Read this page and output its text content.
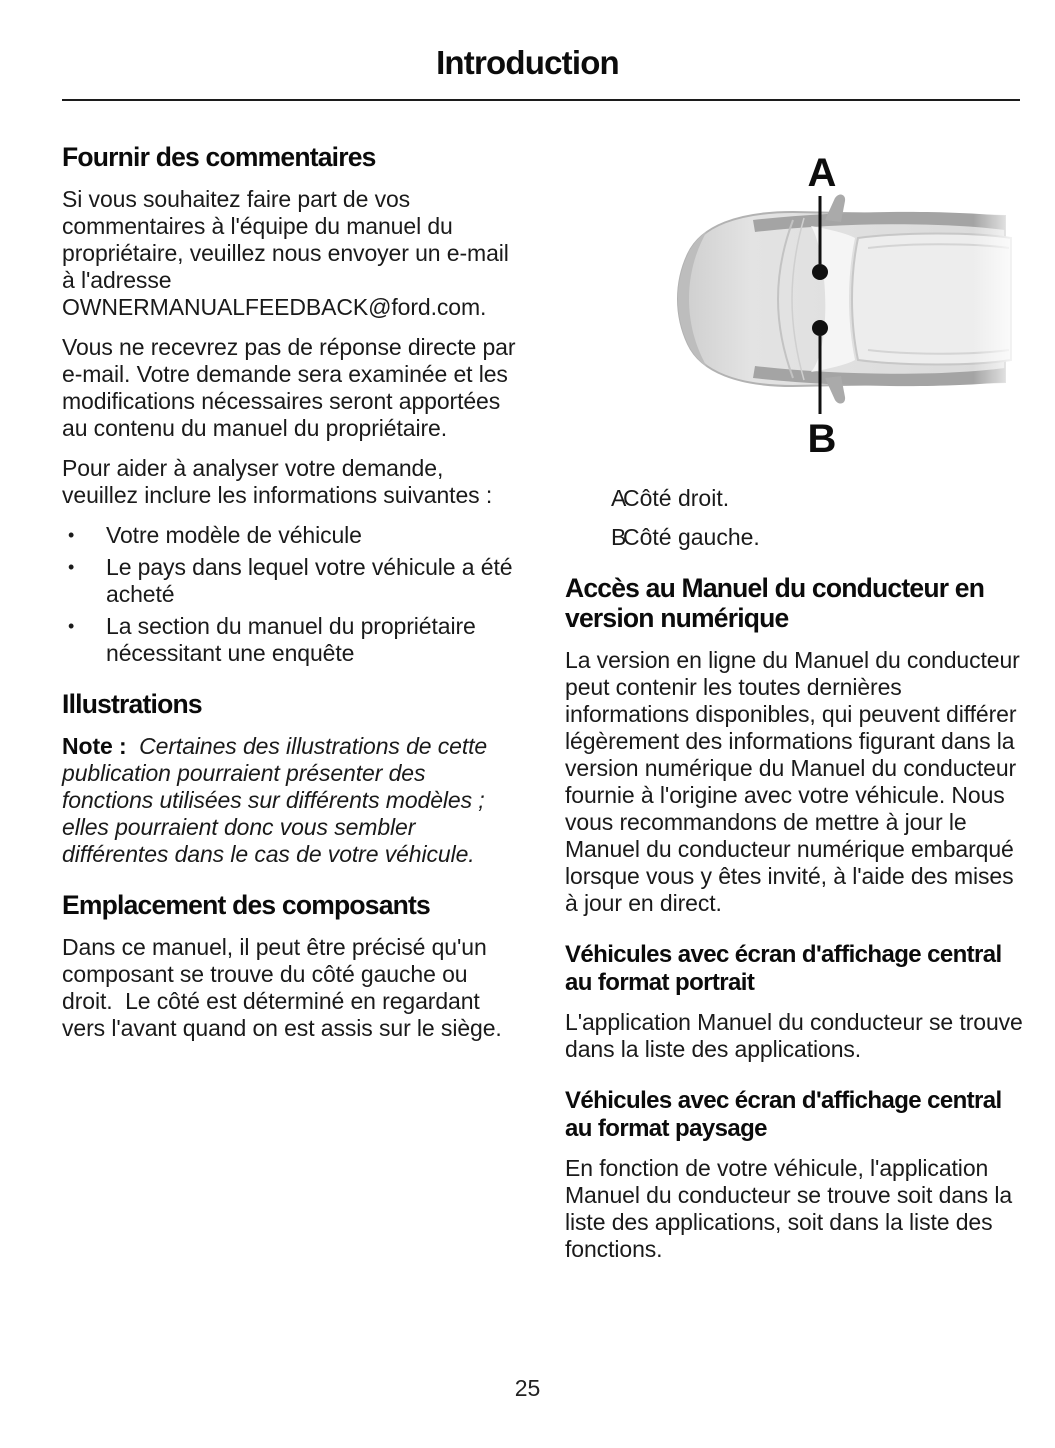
Introduction
Fournir des commentaires

Si vous souhaitez faire part de vos commentaires à l'équipe du manuel du propriétaire, veuillez nous envoyer un e-mail à l'adresse OWNERMANUALFEEDBACK@ford.com.

Vous ne recevrez pas de réponse directe par e-mail. Votre demande sera examinée et les modifications nécessaires seront apportées au contenu du manuel du propriétaire.

Pour aider à analyser votre demande, veuillez inclure les informations suivantes :

•	Votre modèle de véhicule
•	Le pays dans lequel votre véhicule a été acheté
•	La section du manuel du propriétaire nécessitant une enquête
Illustrations

Note : Certaines des illustrations de cette publication pourraient présenter des fonctions utilisées sur différents modèles ; elles pourraient donc vous sembler différentes dans le cas de votre véhicule.

Emplacement des composants

Dans ce manuel, il peut être précisé qu'un composant se trouve du côté gauche ou droit.  Le côté est déterminé en regardant vers l'avant quand on est assis sur le siège.

A
B
A
Côté droit.
B
Côté gauche.
Accès au Manuel du conducteur en version numérique

La version en ligne du Manuel du conducteur peut contenir les toutes dernières informations disponibles, qui peuvent différer légèrement des informations figurant dans la version numérique du Manuel du conducteur fournie à l'origine avec votre véhicule. Nous vous recommandons de mettre à jour le Manuel du conducteur numérique embarqué lorsque vous y êtes invité, à l'aide des mises à jour en direct.

Véhicules avec écran d'affichage central au format portrait

L'application Manuel du conducteur se trouve dans la liste des applications.

Véhicules avec écran d'affichage central au format paysage

En fonction de votre véhicule, l'application Manuel du conducteur se trouve soit dans la liste des applications, soit dans la liste des fonctions.

25
